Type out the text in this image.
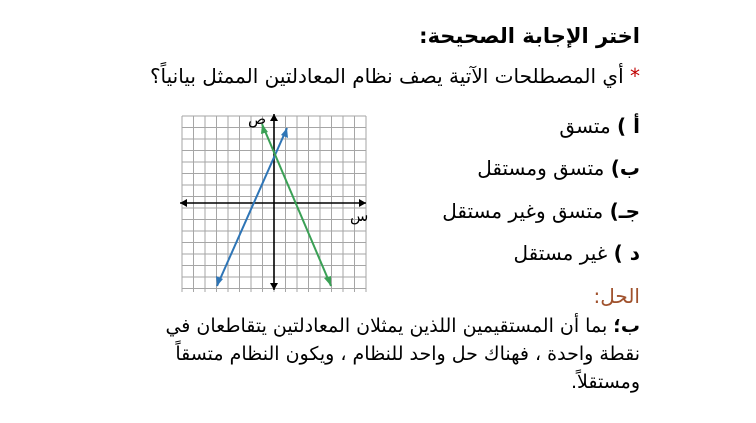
اختر الإجابة الصحيحة:
* أي المصطلحات الآتية يصف نظام المعادلتين الممثل بيانياً؟
أ ) متسق
ب) متسق ومستقل
جـ) متسق وغير مستقل
د ) غير مستقل
الحل:
ب؛ بما أن المستقيمين اللذين يمثلان المعادلتين يتقاطعان في نقطة واحدة ، فهناك حل واحد للنظام ، ويكون النظام متسقاً ومستقلاً.
س
ص
